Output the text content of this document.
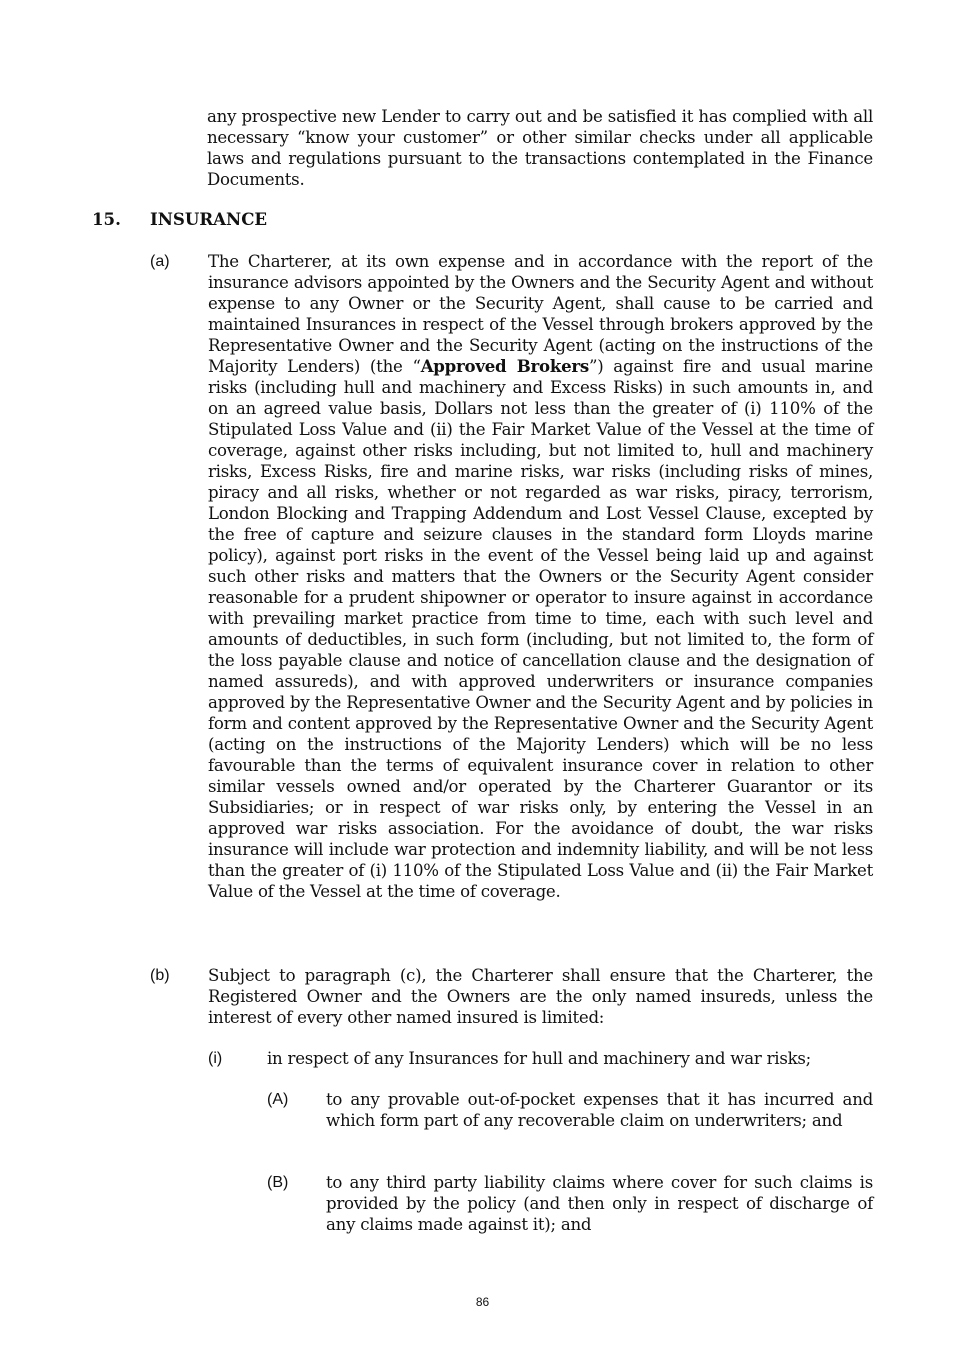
any prospective new Lender to carry out and be satisfied it has complied with all necessary “know your customer” or other similar checks under all applicable laws and regulations pursuant to the transactions contemplated in the Finance Documents.

15. INSURANCE
(a) The Charterer, at its own expense and in accordance with the report of the insurance advisors appointed by the Owners and the Security Agent and without expense to any Owner or the Security Agent, shall cause to be carried and maintained Insurances in respect of the Vessel through brokers approved by the Representative Owner and the Security Agent (acting on the instructions of the Majority Lenders) (the “Approved Brokers”) against fire and usual marine risks (including hull and machinery and Excess Risks) in such amounts in, and on an agreed value basis, Dollars not less than the greater of (i) 110% of the Stipulated Loss Value and (ii) the Fair Market Value of the Vessel at the time of coverage, against other risks including, but not limited to, hull and machinery risks, Excess Risks, fire and marine risks, war risks (including risks of mines, piracy and all risks, whether or not regarded as war risks, piracy, terrorism, London Blocking and Trapping Addendum and Lost Vessel Clause, excepted by the free of capture and seizure clauses in the standard form Lloyds marine policy), against port risks in the event of the Vessel being laid up and against such other risks and matters that the Owners or the Security Agent consider reasonable for a prudent shipowner or operator to insure against in accordance with prevailing market practice from time to time, each with such level and amounts of deductibles, in such form (including, but not limited to, the form of the loss payable clause and notice of cancellation clause and the designation of named assureds), and with approved underwriters or insurance companies approved by the Representative Owner and the Security Agent and by policies in form and content approved by the Representative Owner and the Security Agent (acting on the instructions of the Majority Lenders) which will be no less favourable than the terms of equivalent insurance cover in relation to other similar vessels owned and/or operated by the Charterer Guarantor or its Subsidiaries; or in respect of war risks only, by entering the Vessel in an approved war risks association. For the avoidance of doubt, the war risks insurance will include war protection and indemnity liability, and will be not less than the greater of (i) 110% of the Stipulated Loss Value and (ii) the Fair Market Value of the Vessel at the time of coverage.

(b) Subject to paragraph (c), the Charterer shall ensure that the Charterer, the Registered Owner and the Owners are the only named insureds, unless the interest of every other named insured is limited:

(i)	in respect of any Insurances for hull and machinery and war risks;

(A) to any provable out-of-pocket expenses that it has incurred and which form part of any recoverable claim on underwriters; and

(B) to any third party liability claims where cover for such claims is provided by the policy (and then only in respect of discharge of any claims made against it); and

86
